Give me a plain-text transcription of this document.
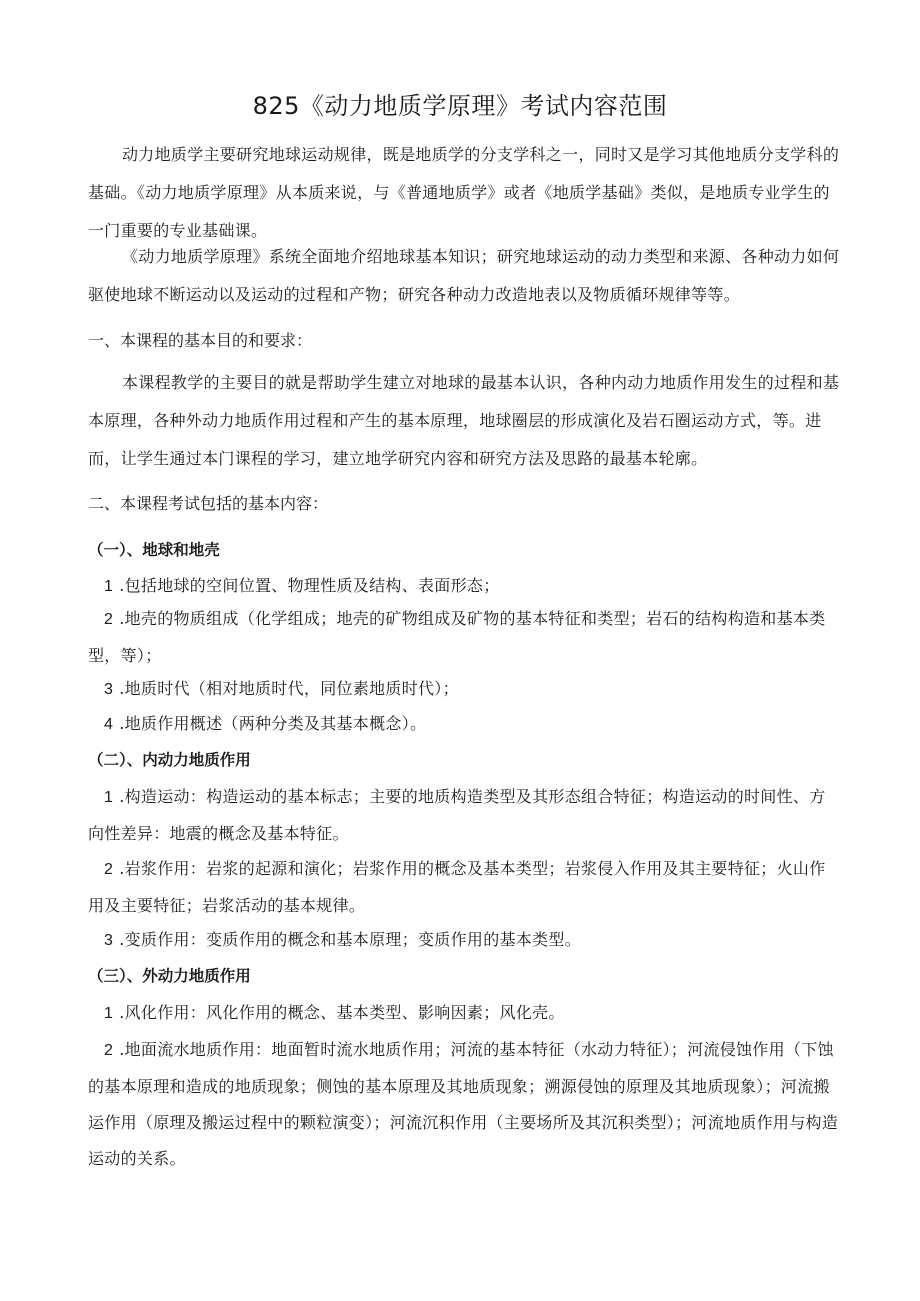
825《动力地质学原理》考试内容范围
动力地质学主要研究地球运动规律，既是地质学的分支学科之一，同时又是学习其他地质分支学科的基础。《动力地质学原理》从本质来说，与《普通地质学》或者《地质学基础》类似，是地质专业学生的一门重要的专业基础课。
《动力地质学原理》系统全面地介绍地球基本知识；研究地球运动的动力类型和来源、各种动力如何驱使地球不断运动以及运动的过程和产物；研究各种动力改造地表以及物质循环规律等等。
一、本课程的基本目的和要求：
本课程教学的主要目的就是帮助学生建立对地球的最基本认识，各种内动力地质作用发生的过程和基本原理，各种外动力地质作用过程和产生的基本原理，地球圈层的形成演化及岩石圈运动方式，等。进而，让学生通过本门课程的学习，建立地学研究内容和研究方法及思路的最基本轮廓。
二、本课程考试包括的基本内容：
（一）、地球和地壳
1 .包括地球的空间位置、物理性质及结构、表面形态；
2 .地壳的物质组成（化学组成；地壳的矿物组成及矿物的基本特征和类型；岩石的结构构造和基本类型，等）；
3 .地质时代（相对地质时代，同位素地质时代）；
4 .地质作用概述（两种分类及其基本概念）。
（二）、内动力地质作用
1 .构造运动：构造运动的基本标志；主要的地质构造类型及其形态组合特征；构造运动的时间性、方向性差异：地震的概念及基本特征。
2 .岩浆作用：岩浆的起源和演化；岩浆作用的概念及基本类型；岩浆侵入作用及其主要特征；火山作用及主要特征；岩浆活动的基本规律。
3 .变质作用：变质作用的概念和基本原理；变质作用的基本类型。
（三）、外动力地质作用
1 .风化作用：风化作用的概念、基本类型、影响因素；风化壳。
2 .地面流水地质作用：地面暂时流水地质作用；河流的基本特征（水动力特征）；河流侵蚀作用（下蚀的基本原理和造成的地质现象；侧蚀的基本原理及其地质现象；溯源侵蚀的原理及其地质现象）；河流搬运作用（原理及搬运过程中的颗粒演变）；河流沉积作用（主要场所及其沉积类型）；河流地质作用与构造运动的关系。
